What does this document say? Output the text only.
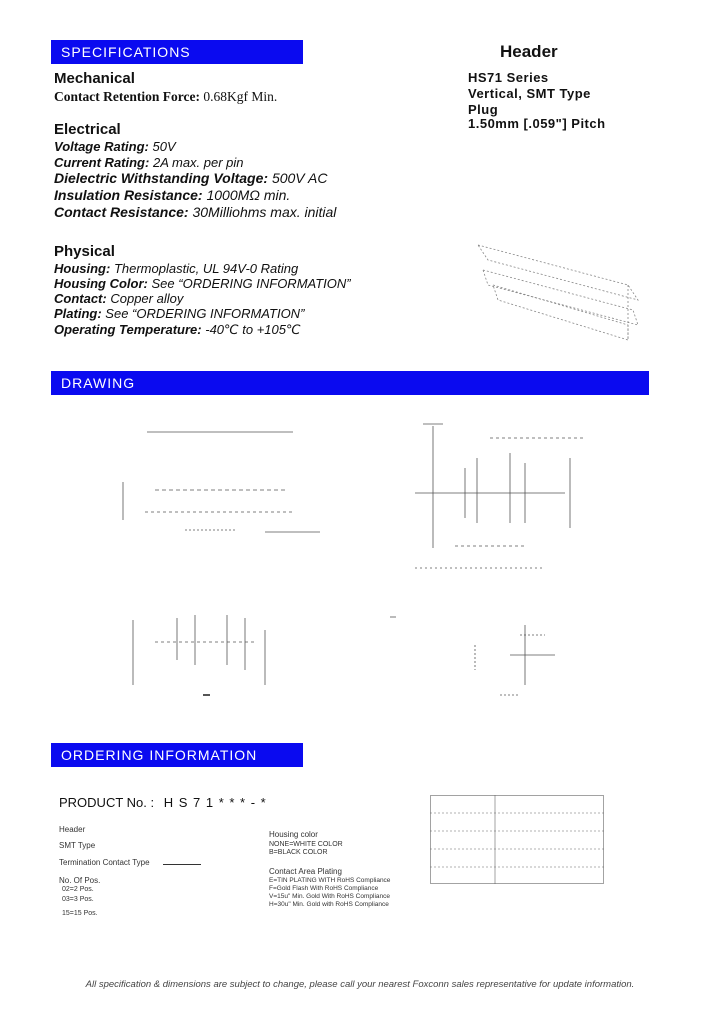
SPECIFICATIONS	Header
HS71 Series
Vertical, SMT Type
Plug
1.50mm [.059"] Pitch
Mechanical
Contact Retention Force: 0.68Kgf Min.
Electrical
Voltage Rating: 50V
Current Rating: 2A max. per pin
Dielectric Withstanding Voltage: 500V AC
Insulation Resistance: 1000MΩ min.
Contact Resistance: 30Milliohms max. initial
Physical
Housing: Thermoplastic, UL 94V-0 Rating
Housing Color: See “ORDERING INFORMATION”
Contact: Copper alloy
Plating: See “ORDERING INFORMATION”
Operating Temperature: -40℃ to +105℃
DRAWING
ORDERING INFORMATION
PRODUCT No. : H S 7 1 * * * - *
Header
SMT Type
Termination Contact Type
No. Of Pos.
02=2 Pos.
03=3 Pos.
15=15 Pos.
Housing color
NONE=WHITE COLOR
B=BLACK COLOR
Contact Area Plating
E=TIN PLATING WITH RoHS Compliance
F=Gold Flash With RoHS Compliance
V=15u" Min. Gold With RoHS Compliance
H=30u" Min. Gold with RoHS Compliance
All specification & dimensions are subject to change, please call your nearest Foxconn sales representative for update information.
